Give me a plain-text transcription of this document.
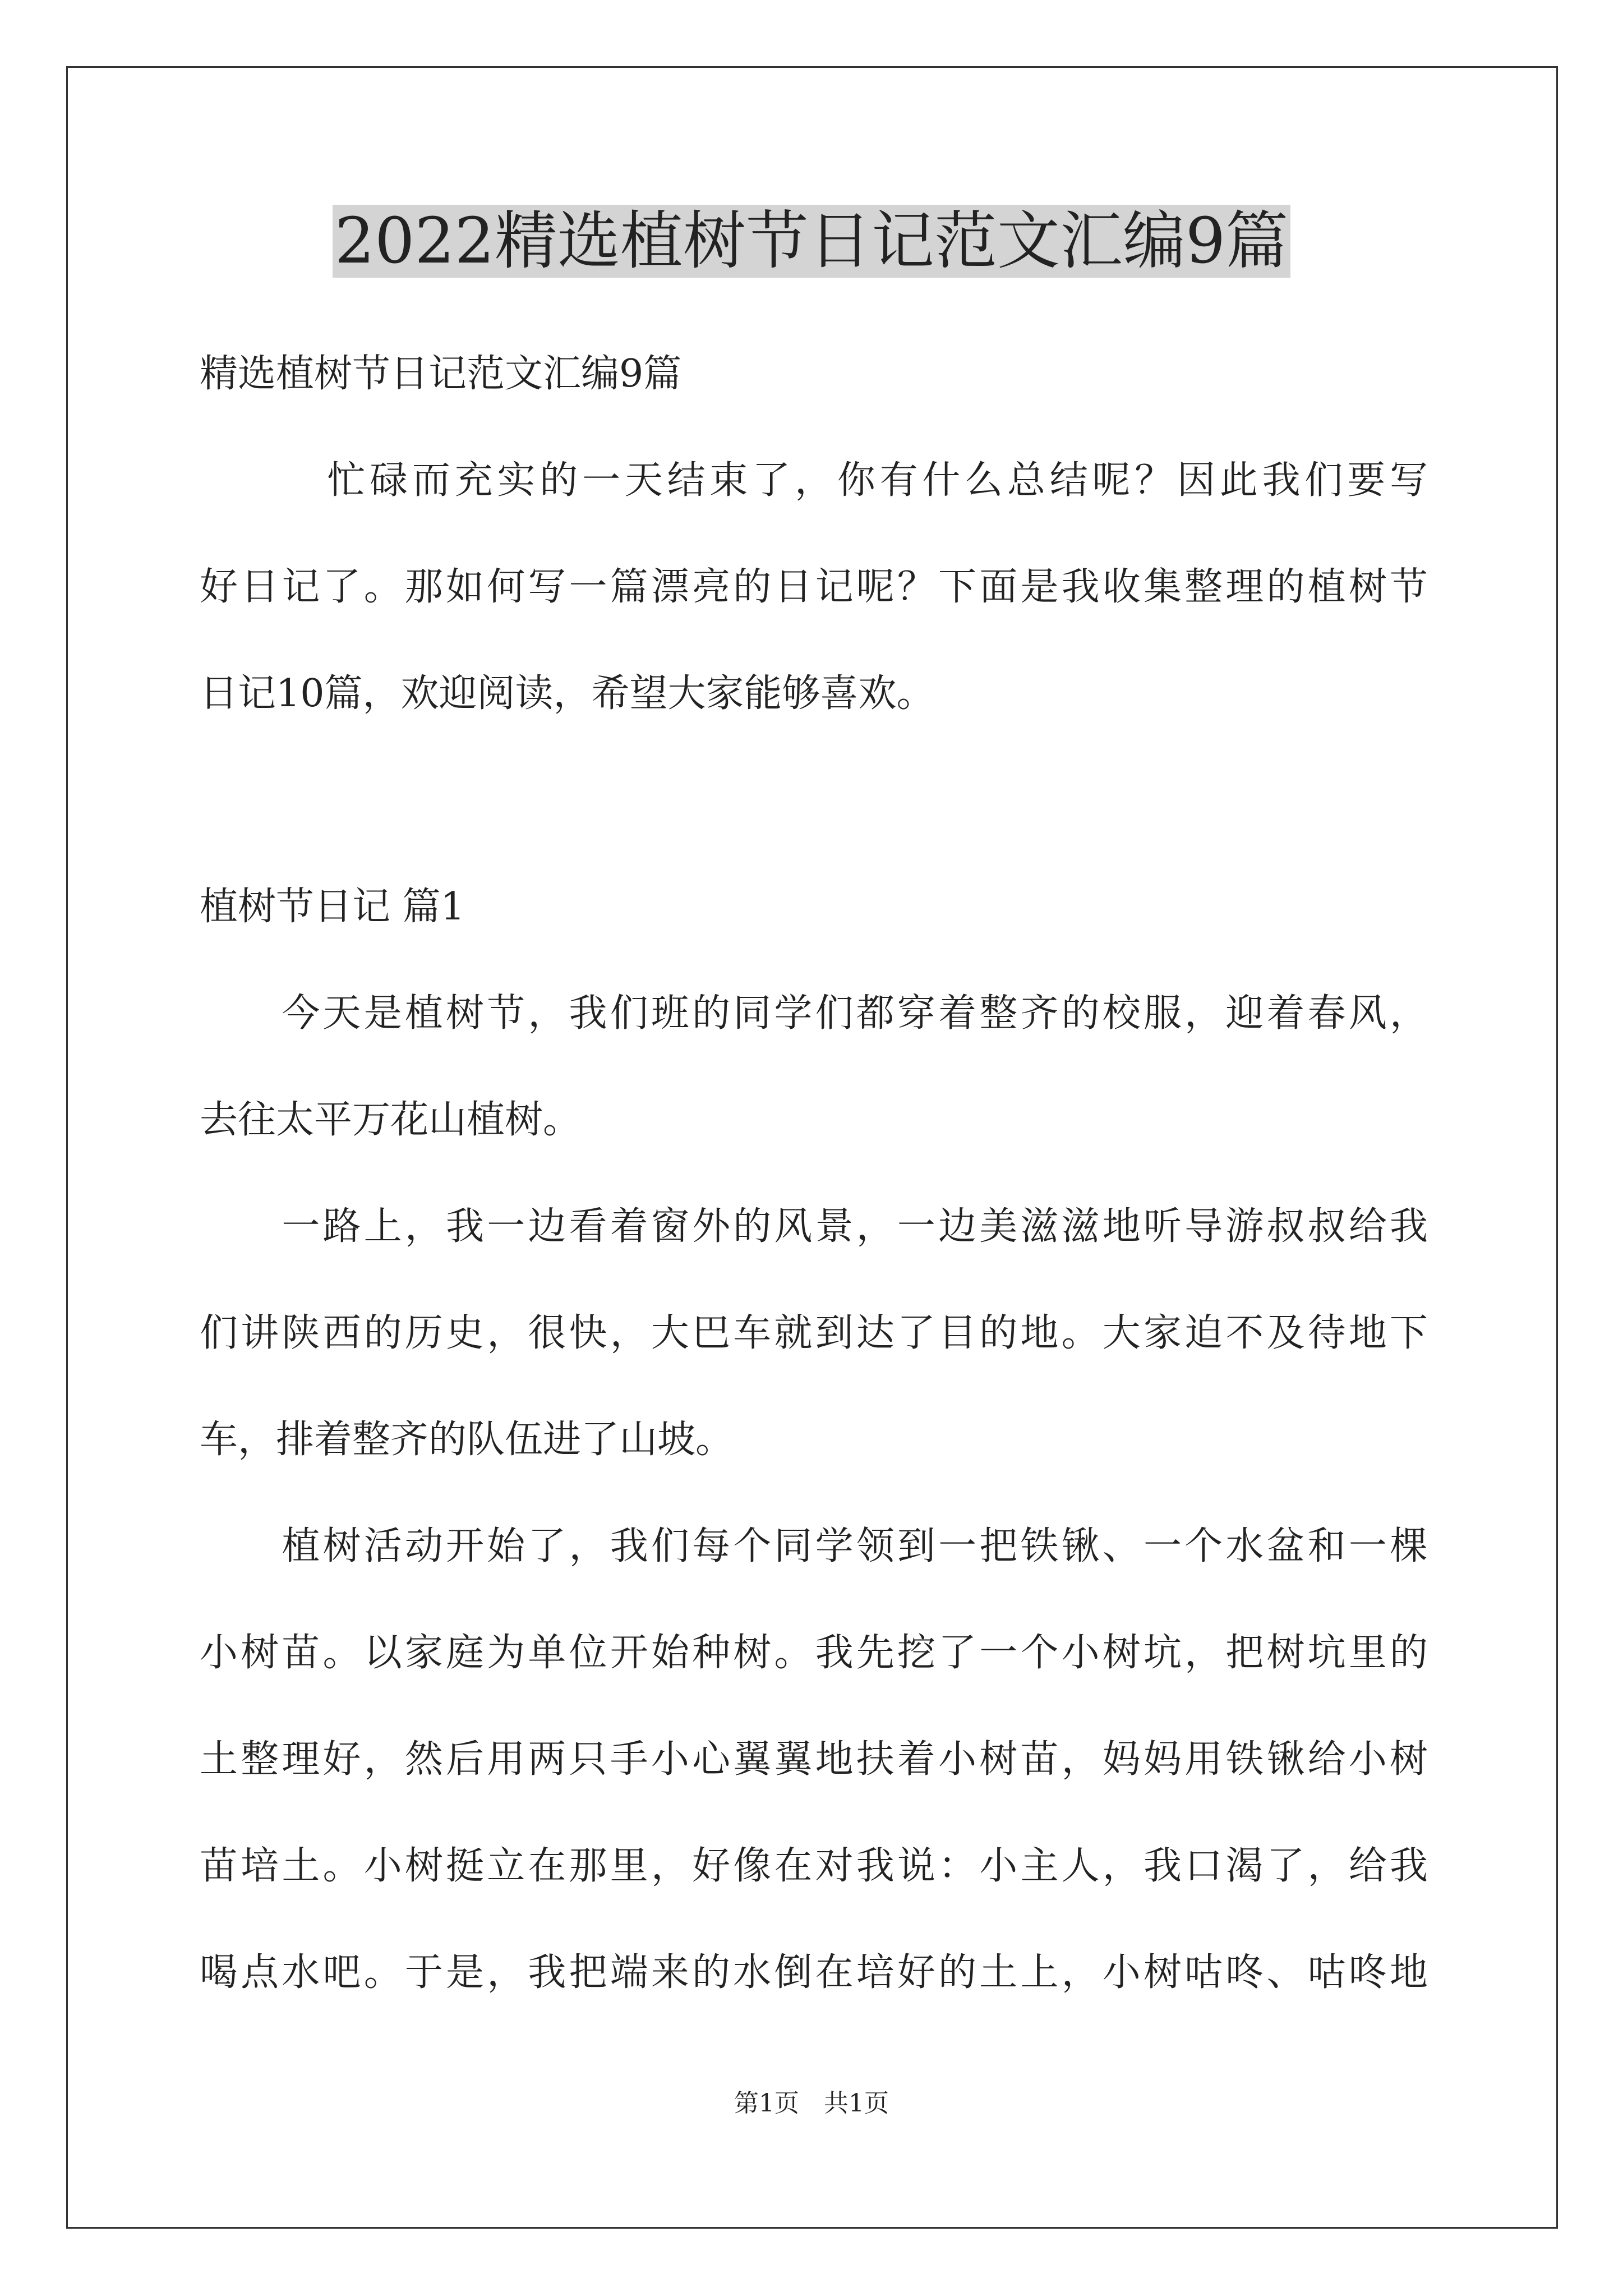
2022精选植树节日记范文汇编9篇
精选植树节日记范文汇编9篇
　　　忙碌而充实的一天结束了，你有什么总结呢？因此我们要写
好日记了。那如何写一篇漂亮的日记呢？下面是我收集整理的植树节
日记10篇，欢迎阅读，希望大家能够喜欢。
植树节日记 篇1
　　今天是植树节，我们班的同学们都穿着整齐的校服，迎着春风，
去往太平万花山植树。
　　一路上，我一边看着窗外的风景，一边美滋滋地听导游叔叔给我
们讲陕西的历史，很快，大巴车就到达了目的地。大家迫不及待地下
车，排着整齐的队伍进了山坡。
　　植树活动开始了，我们每个同学领到一把铁锹、一个水盆和一棵
小树苗。以家庭为单位开始种树。我先挖了一个小树坑，把树坑里的
土整理好，然后用两只手小心翼翼地扶着小树苗，妈妈用铁锹给小树
苗培土。小树挺立在那里，好像在对我说：小主人，我口渴了，给我
喝点水吧。于是，我把端来的水倒在培好的土上，小树咕咚、咕咚地
第1页　共1页
